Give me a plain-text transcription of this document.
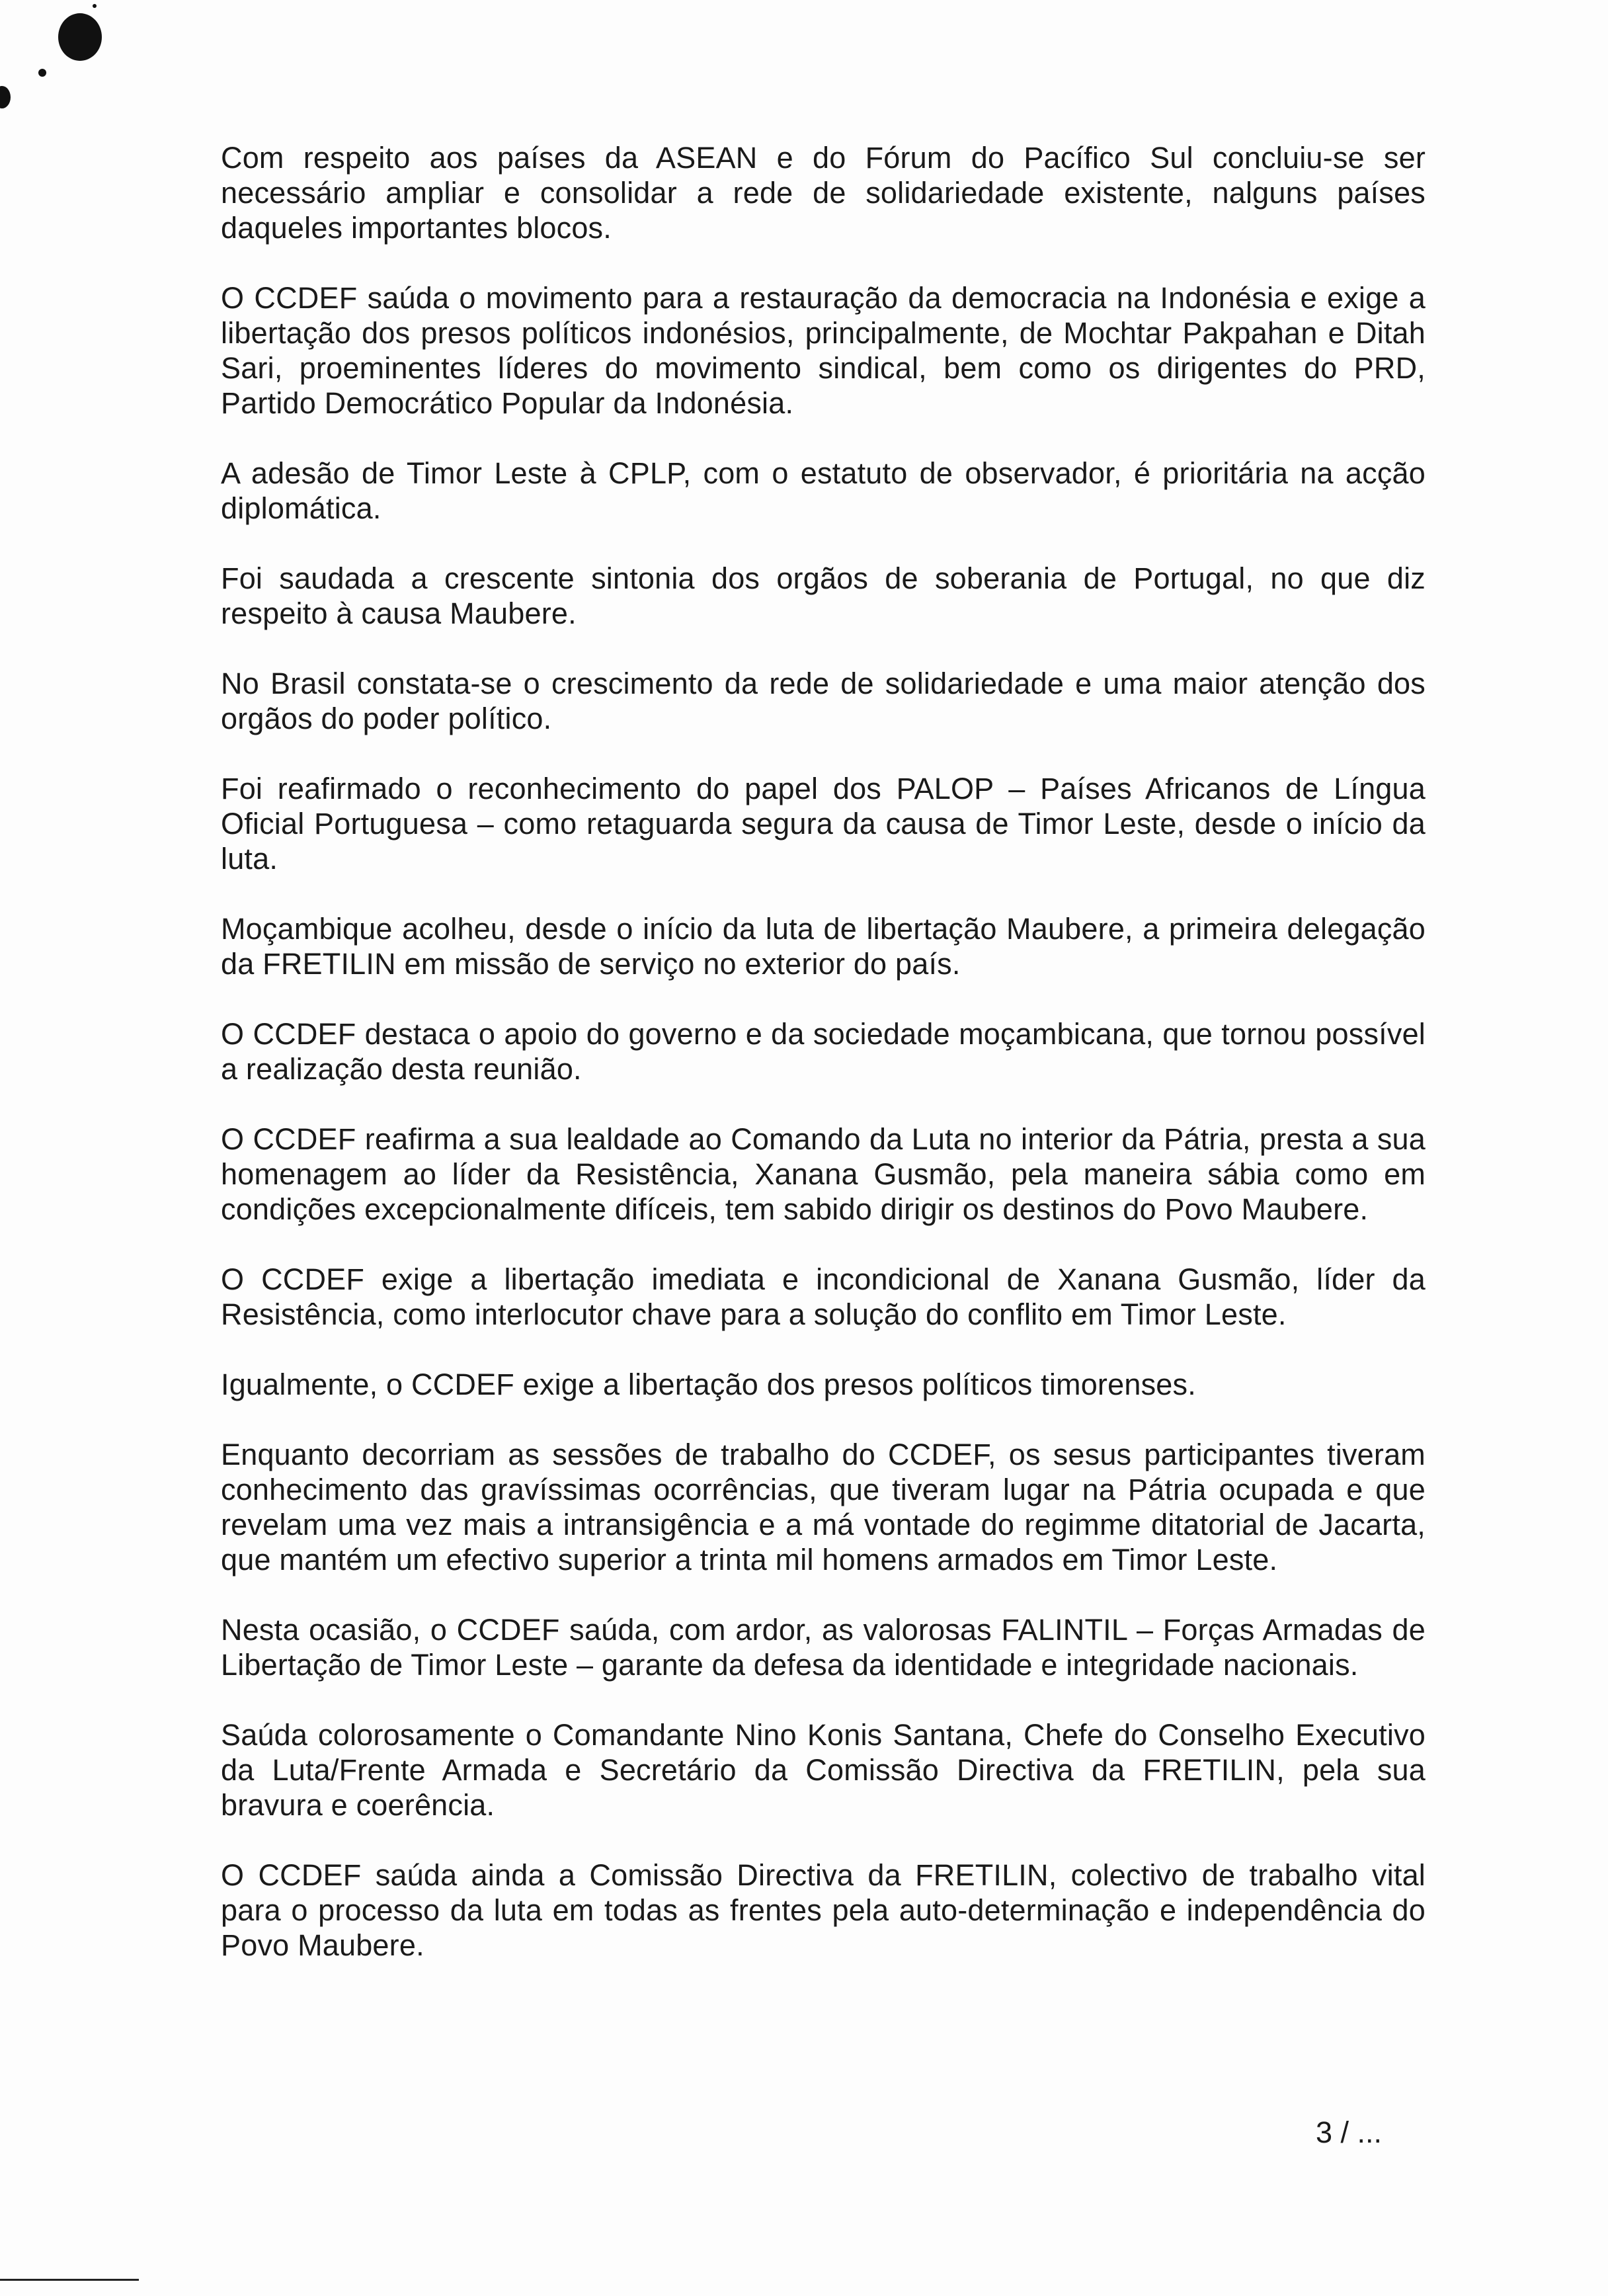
Com respeito aos países da ASEAN e do Fórum do Pacífico Sul concluiu-se ser necessário ampliar e consolidar a rede de solidariedade existente, nalguns países daqueles importantes blocos.

O CCDEF saúda o movimento para a restauração da democracia na Indonésia e exige a libertação dos presos políticos indonésios, principalmente, de Mochtar Pakpahan e Ditah Sari, proeminentes líderes do movimento sindical, bem como os dirigentes do PRD, Partido Democrático Popular da Indonésia.

A adesão de Timor Leste à CPLP, com o estatuto de observador, é prioritária na acção diplomática.

Foi saudada a crescente sintonia dos orgãos de soberania de Portugal, no que diz respeito à causa Maubere.

No Brasil constata-se o crescimento da rede de solidariedade e uma maior atenção dos orgãos do poder político.

Foi reafirmado o reconhecimento do papel dos PALOP – Países Africanos de Língua Oficial Portuguesa – como retaguarda segura da causa de Timor Leste, desde o início da luta.

Moçambique acolheu, desde o início da luta de libertação Maubere, a primeira delegação da FRETILIN em missão de serviço no exterior do país.

O CCDEF destaca o apoio do governo e da sociedade moçambicana, que tornou possível a realização desta reunião.

O CCDEF reafirma a sua lealdade ao Comando da Luta no interior da Pátria, presta a sua homenagem ao líder da Resistência, Xanana Gusmão, pela maneira sábia como em condições excepcionalmente difíceis, tem sabido dirigir os destinos do Povo Maubere.

O CCDEF exige a libertação imediata e incondicional de Xanana Gusmão, líder da Resistência, como interlocutor chave para a solução do conflito em Timor Leste.

Igualmente, o CCDEF exige a libertação dos presos políticos timorenses.

Enquanto decorriam as sessões de trabalho do CCDEF, os sesus participantes tiveram conhecimento das gravíssimas ocorrências, que tiveram lugar na Pátria ocupada e que revelam uma vez mais a intransigência e a má vontade do regimme ditatorial de Jacarta, que mantém um efectivo superior a trinta mil homens armados em Timor Leste.

Nesta ocasião, o CCDEF saúda, com ardor, as valorosas FALINTIL – Forças Armadas de Libertação de Timor Leste – garante da defesa da identidade e integridade nacionais.

Saúda colorosamente o Comandante Nino Konis Santana, Chefe do Conselho Executivo da Luta/Frente Armada e Secretário da Comissão Directiva da FRETILIN, pela sua bravura e coerência.

O CCDEF saúda ainda a Comissão Directiva da FRETILIN, colectivo de trabalho vital para o processo da luta em todas as frentes pela auto-determinação e independência do Povo Maubere.

3 / ...
